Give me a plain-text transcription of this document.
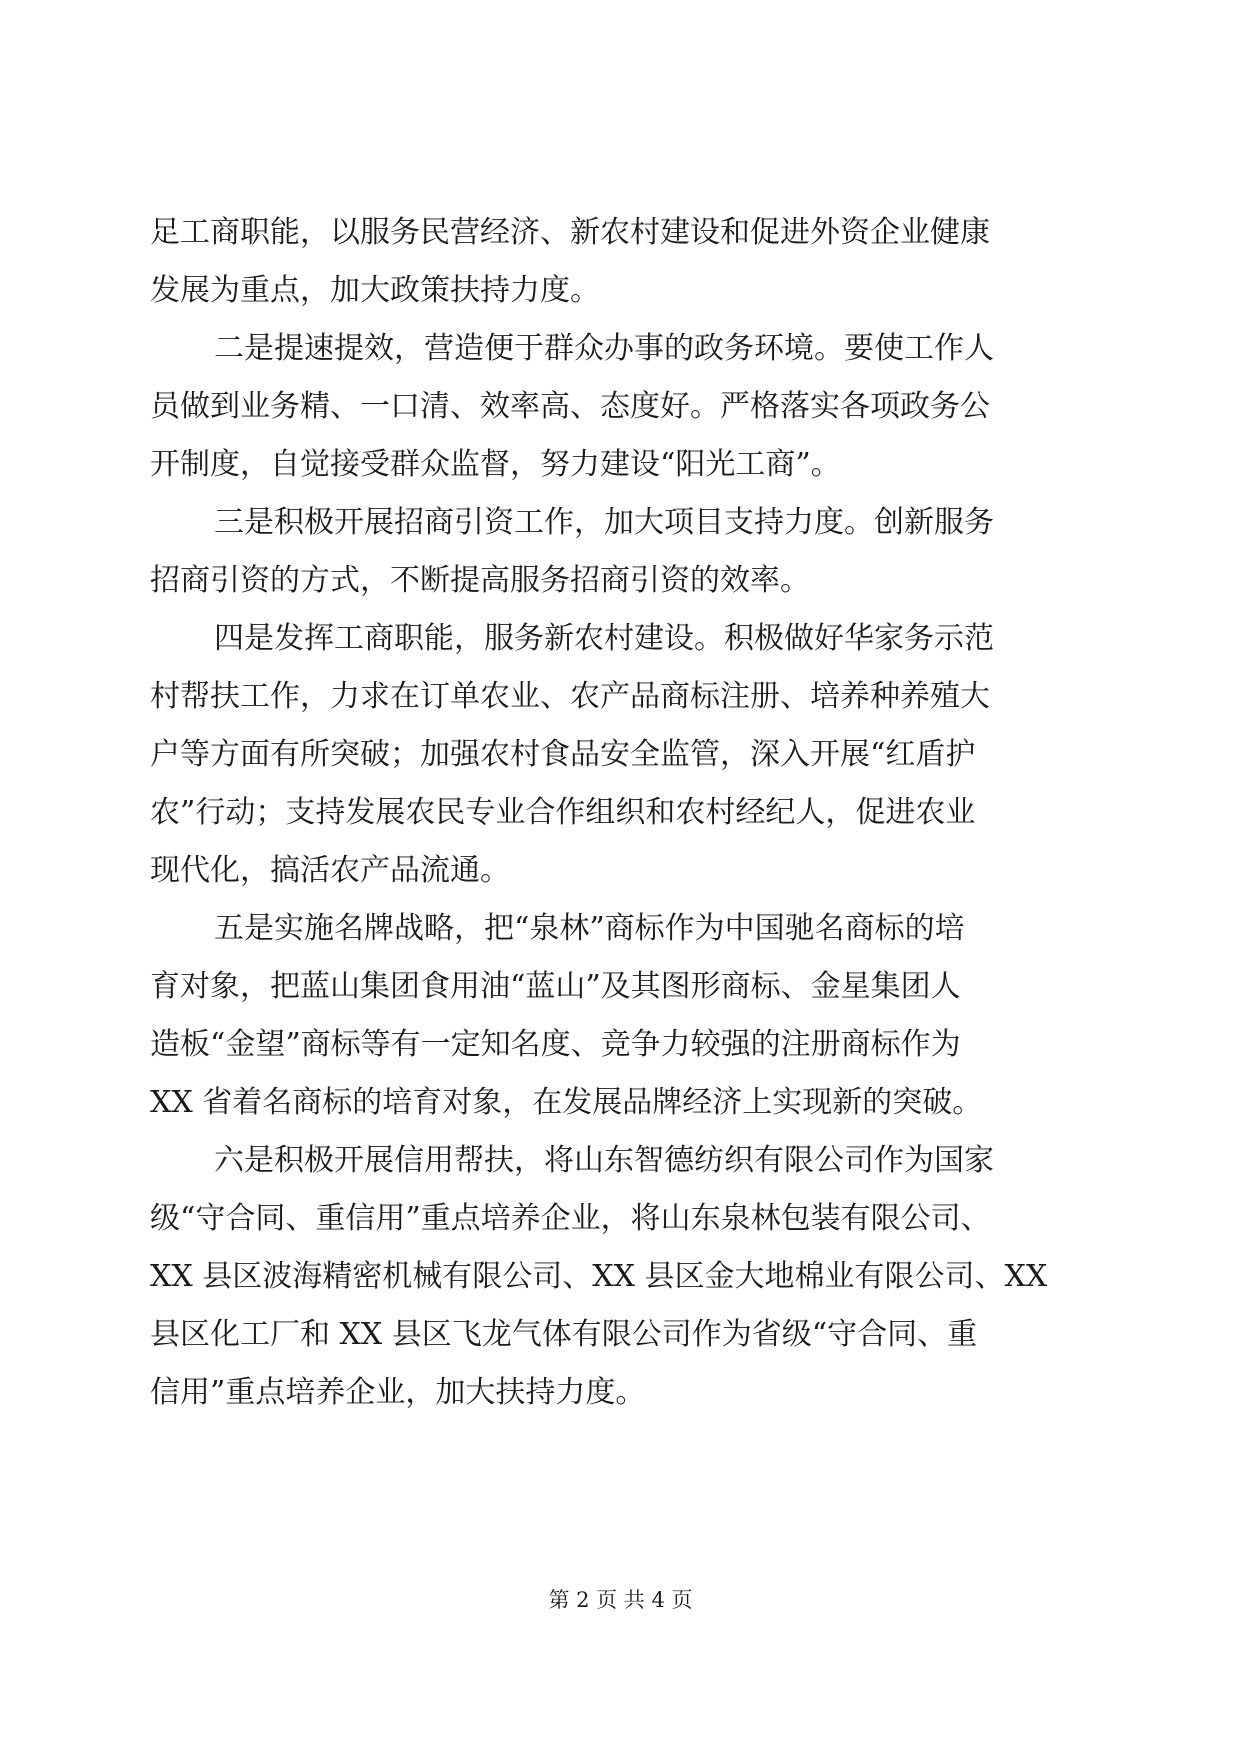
足工商职能，以服务民营经济、新农村建设和促进外资企业健康
发展为重点，加大政策扶持力度。
二是提速提效，营造便于群众办事的政务环境。要使工作人
员做到业务精、一口清、效率高、态度好。严格落实各项政务公
开制度，自觉接受群众监督，努力建设“阳光工商”。
三是积极开展招商引资工作，加大项目支持力度。创新服务
招商引资的方式，不断提高服务招商引资的效率。
四是发挥工商职能，服务新农村建设。积极做好华家务示范
村帮扶工作，力求在订单农业、农产品商标注册、培养种养殖大
户等方面有所突破；加强农村食品安全监管，深入开展“红盾护
农”行动；支持发展农民专业合作组织和农村经纪人，促进农业
现代化，搞活农产品流通。
五是实施名牌战略，把“泉林”商标作为中国驰名商标的培
育对象，把蓝山集团食用油“蓝山”及其图形商标、金星集团人
造板“金望”商标等有一定知名度、竞争力较强的注册商标作为
XX 省着名商标的培育对象，在发展品牌经济上实现新的突破。
六是积极开展信用帮扶，将山东智德纺织有限公司作为国家
级“守合同、重信用”重点培养企业，将山东泉林包装有限公司、
XX 县区波海精密机械有限公司、XX 县区金大地棉业有限公司、XX
县区化工厂和 XX 县区飞龙气体有限公司作为省级“守合同、重
信用”重点培养企业，加大扶持力度。
第 2 页 共 4 页
